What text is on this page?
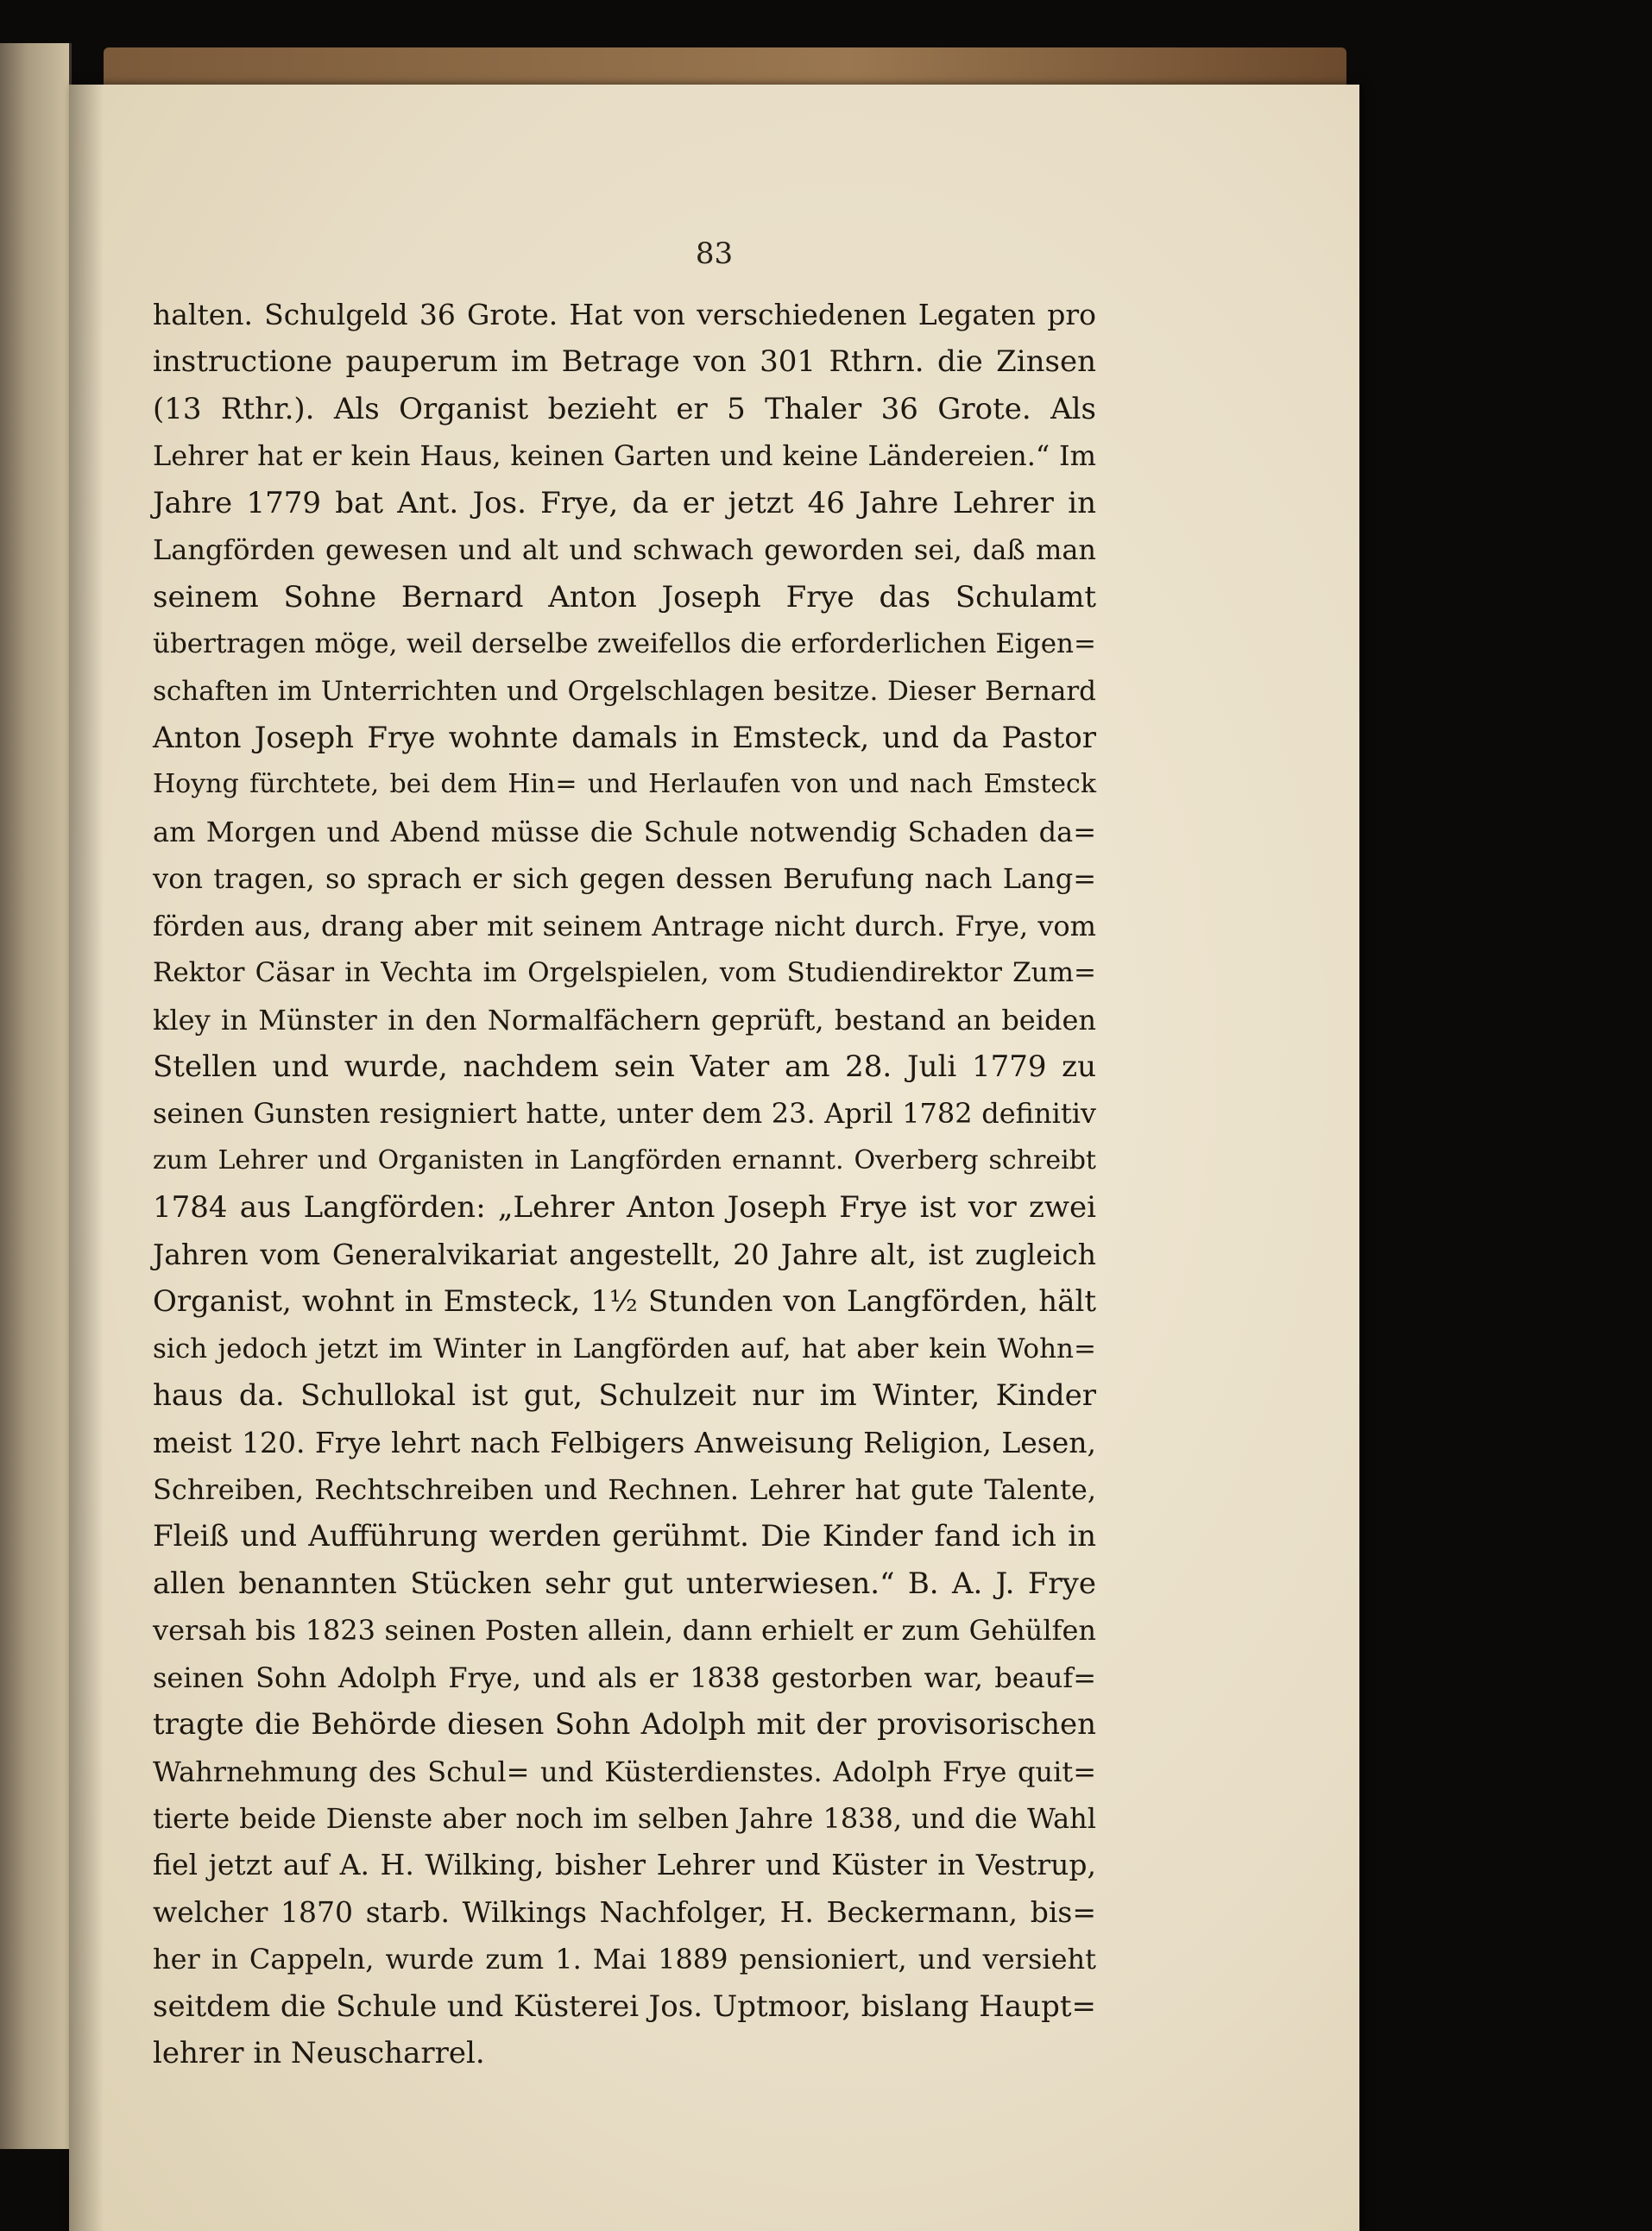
83
halten. Schulgeld 36 Grote. Hat von verschiedenen Legaten pro
instructione pauperum im Betrage von 301 Rthrn. die Zinsen
(13 Rthr.). Als Organist bezieht er 5 Thaler 36 Grote. Als
Lehrer hat er kein Haus, keinen Garten und keine Ländereien.“ Im
Jahre 1779 bat Ant. Jos. Frye, da er jetzt 46 Jahre Lehrer in
Langförden gewesen und alt und schwach geworden sei, daß man
seinem Sohne Bernard Anton Joseph Frye das Schulamt
übertragen möge, weil derselbe zweifellos die erforderlichen Eigen=
schaften im Unterrichten und Orgelschlagen besitze. Dieser Bernard
Anton Joseph Frye wohnte damals in Emsteck, und da Pastor
Hoyng fürchtete, bei dem Hin= und Herlaufen von und nach Emsteck
am Morgen und Abend müsse die Schule notwendig Schaden da=
von tragen, so sprach er sich gegen dessen Berufung nach Lang=
förden aus, drang aber mit seinem Antrage nicht durch. Frye, vom
Rektor Cäsar in Vechta im Orgelspielen, vom Studiendirektor Zum=
kley in Münster in den Normalfächern geprüft, bestand an beiden
Stellen und wurde, nachdem sein Vater am 28. Juli 1779 zu
seinen Gunsten resigniert hatte, unter dem 23. April 1782 definitiv
zum Lehrer und Organisten in Langförden ernannt. Overberg schreibt
1784 aus Langförden: „Lehrer Anton Joseph Frye ist vor zwei
Jahren vom Generalvikariat angestellt, 20 Jahre alt, ist zugleich
Organist, wohnt in Emsteck, 1½ Stunden von Langförden, hält
sich jedoch jetzt im Winter in Langförden auf, hat aber kein Wohn=
haus da. Schullokal ist gut, Schulzeit nur im Winter, Kinder
meist 120. Frye lehrt nach Felbigers Anweisung Religion, Lesen,
Schreiben, Rechtschreiben und Rechnen. Lehrer hat gute Talente,
Fleiß und Aufführung werden gerühmt. Die Kinder fand ich in
allen benannten Stücken sehr gut unterwiesen.“ B. A. J. Frye
versah bis 1823 seinen Posten allein, dann erhielt er zum Gehülfen
seinen Sohn Adolph Frye, und als er 1838 gestorben war, beauf=
tragte die Behörde diesen Sohn Adolph mit der provisorischen
Wahrnehmung des Schul= und Küsterdienstes. Adolph Frye quit=
tierte beide Dienste aber noch im selben Jahre 1838, und die Wahl
fiel jetzt auf A. H. Wilking, bisher Lehrer und Küster in Vestrup,
welcher 1870 starb. Wilkings Nachfolger, H. Beckermann, bis=
her in Cappeln, wurde zum 1. Mai 1889 pensioniert, und versieht
seitdem die Schule und Küsterei Jos. Uptmoor, bislang Haupt=
lehrer in Neuscharrel.
